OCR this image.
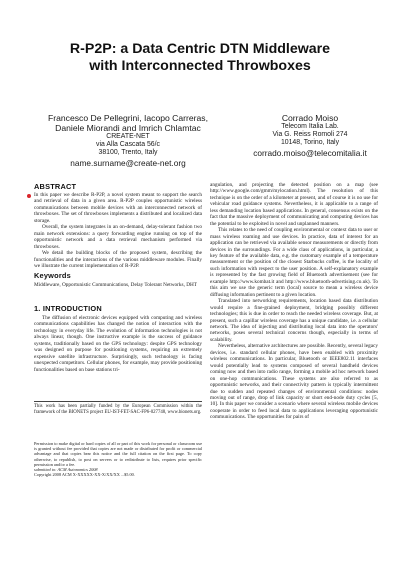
R-P2P: a Data Centric DTN Middleware
with Interconnected Throwboxes
Francesco De Pellegrini, Iacopo Carreras,
Daniele Miorandi and Imrich Chlamtac
CREATE-NET
via Alla Cascata 56/c
38100, Trento, Italy
name.surname@create-net.org
Corrado Moiso
Telecom Italia Lab.
Via G. Reiss Romoli 274
10148, Torino, Italy
corrado.moiso@telecomitalia.it
ABSTRACT

In this paper we describe R-P2P, a novel system meant to support the search and retrieval of data in a given area. R-P2P couples opportunistic wireless communications between mobile devices with an interconnected network of throwboxes. The set of throwboxes implements a distributed and localized data storage.

Overall, the system integrates in an on-demand, delay-tolerant fashion two main network extensions: a query forwarding engine running on top of the opportunistic network and a data retrieval mechanism performed via throwboxes.

We detail the building blocks of the proposed system, describing the functionalities and the interactions of the various middleware modules. Finally we illustrate the current implementation of R-P2P.

Keywords

Middleware, Opportunistic Communications, Delay Tolerant Networks, DHT

1. INTRODUCTION

The diffusion of electronic devices equipped with computing and wireless communications capabilities has changed the notion of interaction with the technology in everyday life. The evolution of information technologies is not always linear, though. One instructive example is the success of guidance systems, traditionally based on the GPS technology: despite GPS technology was designed on purpose for positioning systems, requiring an extremely expensive satellite infrastructure. Surprisingly, such technology is facing unexpected competitors. Cellular phones, for example, may provide positioning functionalities based on base stations tri-

This work has been partially funded by the European Commission within the framework of the BIONETS project EU-IST-FET-SAC-FP6-027748, www.bionets.org.
Permission to make digital or hard copies of all or part of this work for personal or classroom use is granted without fee provided that copies are not made or distributed for profit or commercial advantage and that copies bear this notice and the full citation on the first page. To copy otherwise, to republish, to post on servers or to redistribute to lists, requires prior specific permission and/or a fee.
submitted to: ACM Autonomics 2008
Copyright 2008 ACM X-XXXXX-XX-X/XX/XX ...$5.00.

angulation, and projecting the detected position on a map (see http://www.google.com/gmm/mylocation.html). The resolution of this technique is on the order of a kilometer at present, and of course it is no use for vehicular road guidance systems. Nevertheless, it is applicable to a range of less demanding location based applications. In general, consensus exists on the fact that the massive deployment of communicating and computing devices has the potential to be exploited in novel and unplanned manners.

This relates to the need of coupling environmental or context data to user or mass wireless roaming and use devices. In practice, data of interest for an application can be retrieved via available sensor measurements or directly from devices in the surroundings. For a wide class of applications, in particular, a key feature of the available data, e.g. the customary example of a temperature measurement or the position of the closest Starbucks coffee, is the locality of such information with respect to the user position. A self-explanatory example is represented by the fast growing field of Bluetooth advertisement (see for example http://www.kombat.it and http://www.bluetooth-advertising.co.uk). To this aim we use the generic term (local) source to mean a wireless device diffusing information pertinent to a given location.

Translated into networking requirements, location based data distribution would require a fine-grained deployment, bridging possibly different technologies; this is due in order to reach the needed wireless coverage. But, at present, such a capillar wireless coverage has a unique candidate, i.e. a cellular network. The idea of injecting and distributing local data into the operators' networks, poses several technical concerns though, especially in terms of scalability.

Nevertheless, alternative architectures are possible. Recently, several legacy devices, i.e. standard cellular phones, have been enabled with proximity wireless communications. In particular, Bluetooth or IEEE802.11 interfaces would potentially lead to systems composed of several handheld devices coming now and then into radio range, forming a mobile ad hoc network based on one-hop communications. These systems are also referred to as opportunistic networks, and their connectivity pattern is typically intermittent due to sudden and repeated changes of environmental conditions: nodes moving out of range, drop of link capacity or short end-node duty cycles [5, 10]. In this paper we consider a scenario where several wireless mobile devices cooperate in order to feed local data to applications leveraging opportunistic communications. The opportunities for pairs of
